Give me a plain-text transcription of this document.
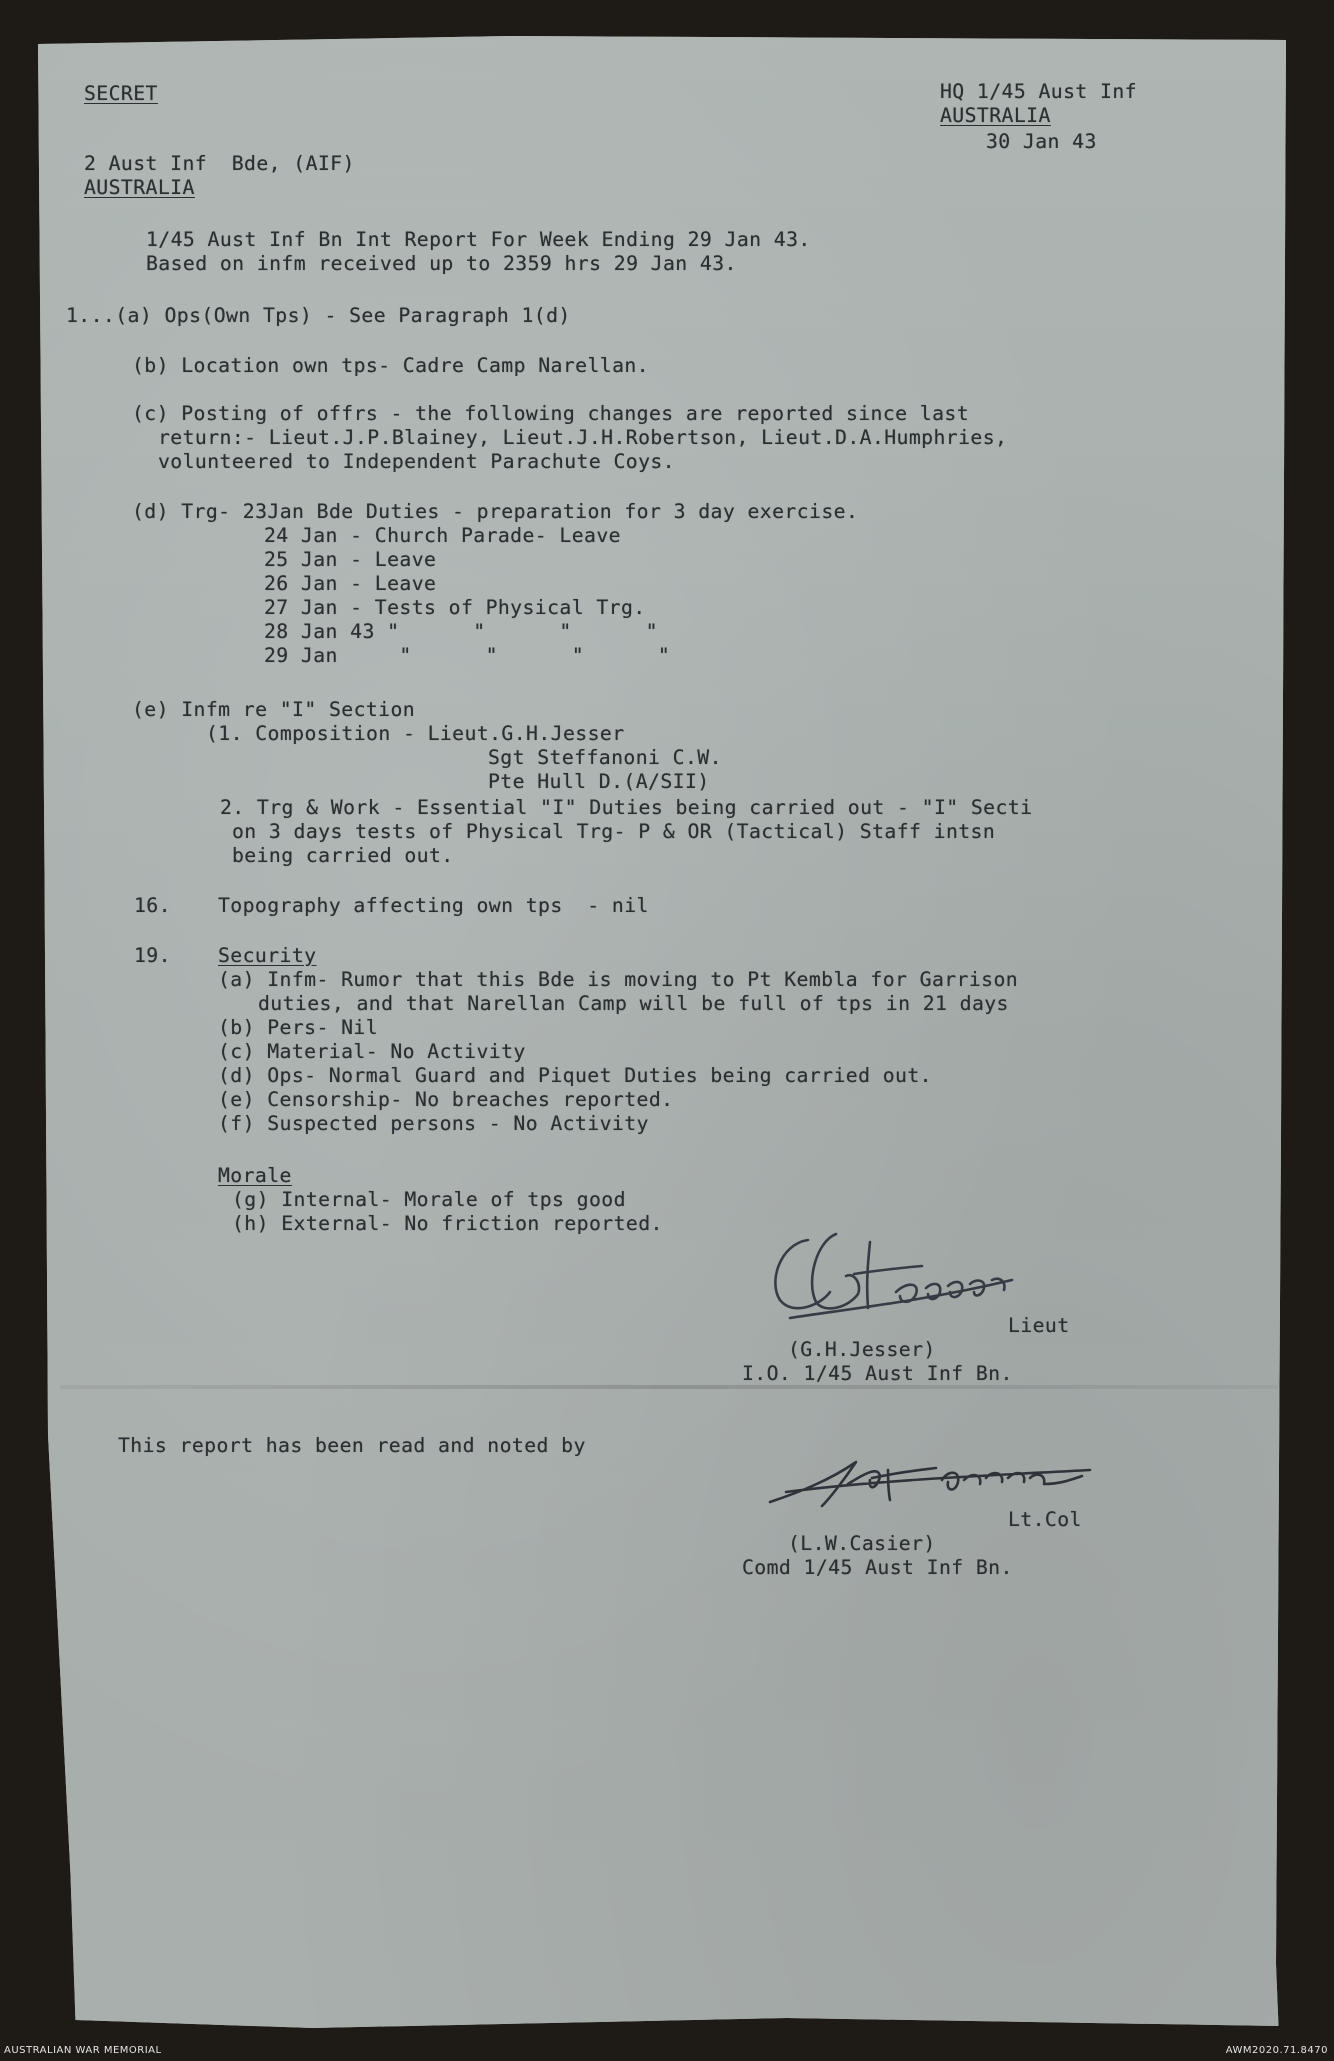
SECRET	HQ 1/45 Aust Inf

AUSTRALIA

30 Jan 43

2 Aust Inf  Bde, (AIF)

AUSTRALIA

1/45 Aust Inf Bn Int Report For Week Ending 29 Jan 43.

Based on infm received up to 2359 hrs 29 Jan 43.

1...(a) Ops(Own Tps) - See Paragraph 1(d)

(b) Location own tps- Cadre Camp Narellan.

(c) Posting of offrs - the following changes are reported since last

return:- Lieut.J.P.Blainey, Lieut.J.H.Robertson, Lieut.D.A.Humphries,

volunteered to Independent Parachute Coys.

(d) Trg- 23Jan Bde Duties - preparation for 3 day exercise.

24 Jan - Church Parade- Leave

25 Jan - Leave

26 Jan - Leave

27 Jan - Tests of Physical Trg.

28 Jan 43 "      "      "      "

29 Jan     "      "      "      "

(e) Infm re "I" Section

(1. Composition - Lieut.G.H.Jesser

Sgt Steffanoni C.W.

Pte Hull D.(A/SII)

2. Trg & Work - Essential "I" Duties being carried out - "I" Secti

on 3 days tests of Physical Trg- P & OR (Tactical) Staff intsn

being carried out.

16. Topography affecting own tps  - nil

19. Security

(a) Infm- Rumor that this Bde is moving to Pt Kembla for Garrison

duties, and that Narellan Camp will be full of tps in 21 days

(b) Pers- Nil

(c) Material- No Activity

(d) Ops- Normal Guard and Piquet Duties being carried out.

(e) Censorship- No breaches reported.

(f) Suspected persons - No Activity

Morale

(g) Internal- Morale of tps good

(h) External- No friction reported.

Lieut

(G.H.Jesser)

I.O. 1/45 Aust Inf Bn.

This report has been read and noted by

Lt.Col

(L.W.Casier)

Comd 1/45 Aust Inf Bn.

AUSTRALIAN WAR MEMORIAL	AWM2020.71.8470
